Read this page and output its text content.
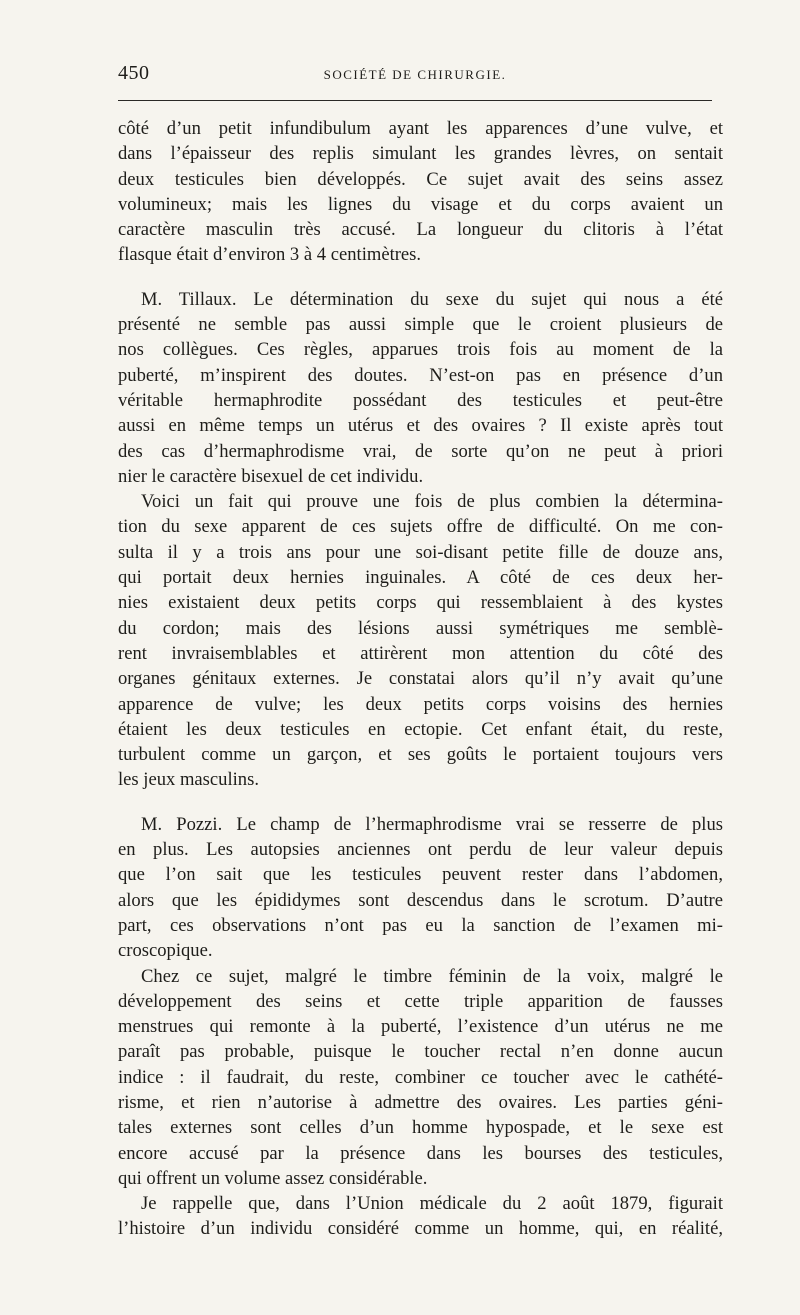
450	SOCIÉTÉ DE CHIRURGIE.
côté d’un petit infundibulum ayant les apparences d’une vulve, et
dans l’épaisseur des replis simulant les grandes lèvres, on sentait
deux testicules bien développés. Ce sujet avait des seins assez
volumineux; mais les lignes du visage et du corps avaient un
caractère masculin très accusé. La longueur du clitoris à l’état
flasque était d’environ 3 à 4 centimètres.
M. Tillaux. Le détermination du sexe du sujet qui nous a été
présenté ne semble pas aussi simple que le croient plusieurs de
nos collègues. Ces règles, apparues trois fois au moment de la
puberté, m’inspirent des doutes. N’est-on pas en présence d’un
véritable hermaphrodite possédant des testicules et peut-être
aussi en même temps un utérus et des ovaires ? Il existe après tout
des cas d’hermaphrodisme vrai, de sorte qu’on ne peut à priori
nier le caractère bisexuel de cet individu.
Voici un fait qui prouve une fois de plus combien la détermina-
tion du sexe apparent de ces sujets offre de difficulté. On me con-
sulta il y a trois ans pour une soi-disant petite fille de douze ans,
qui portait deux hernies inguinales. A côté de ces deux her-
nies existaient deux petits corps qui ressemblaient à des kystes
du cordon; mais des lésions aussi symétriques me semblè-
rent invraisemblables et attirèrent mon attention du côté des
organes génitaux externes. Je constatai alors qu’il n’y avait qu’une
apparence de vulve; les deux petits corps voisins des hernies
étaient les deux testicules en ectopie. Cet enfant était, du reste,
turbulent comme un garçon, et ses goûts le portaient toujours vers
les jeux masculins.
M. Pozzi. Le champ de l’hermaphrodisme vrai se resserre de plus
en plus. Les autopsies anciennes ont perdu de leur valeur depuis
que l’on sait que les testicules peuvent rester dans l’abdomen,
alors que les épididymes sont descendus dans le scrotum. D’autre
part, ces observations n’ont pas eu la sanction de l’examen mi-
croscopique.
Chez ce sujet, malgré le timbre féminin de la voix, malgré le
développement des seins et cette triple apparition de fausses
menstrues qui remonte à la puberté, l’existence d’un utérus ne me
paraît pas probable, puisque le toucher rectal n’en donne aucun
indice : il faudrait, du reste, combiner ce toucher avec le cathété-
risme, et rien n’autorise à admettre des ovaires. Les parties géni-
tales externes sont celles d’un homme hypospade, et le sexe est
encore accusé par la présence dans les bourses des testicules,
qui offrent un volume assez considérable.
Je rappelle que, dans l’Union médicale du 2 août 1879, figurait
l’histoire d’un individu considéré comme un homme, qui, en réalité,
